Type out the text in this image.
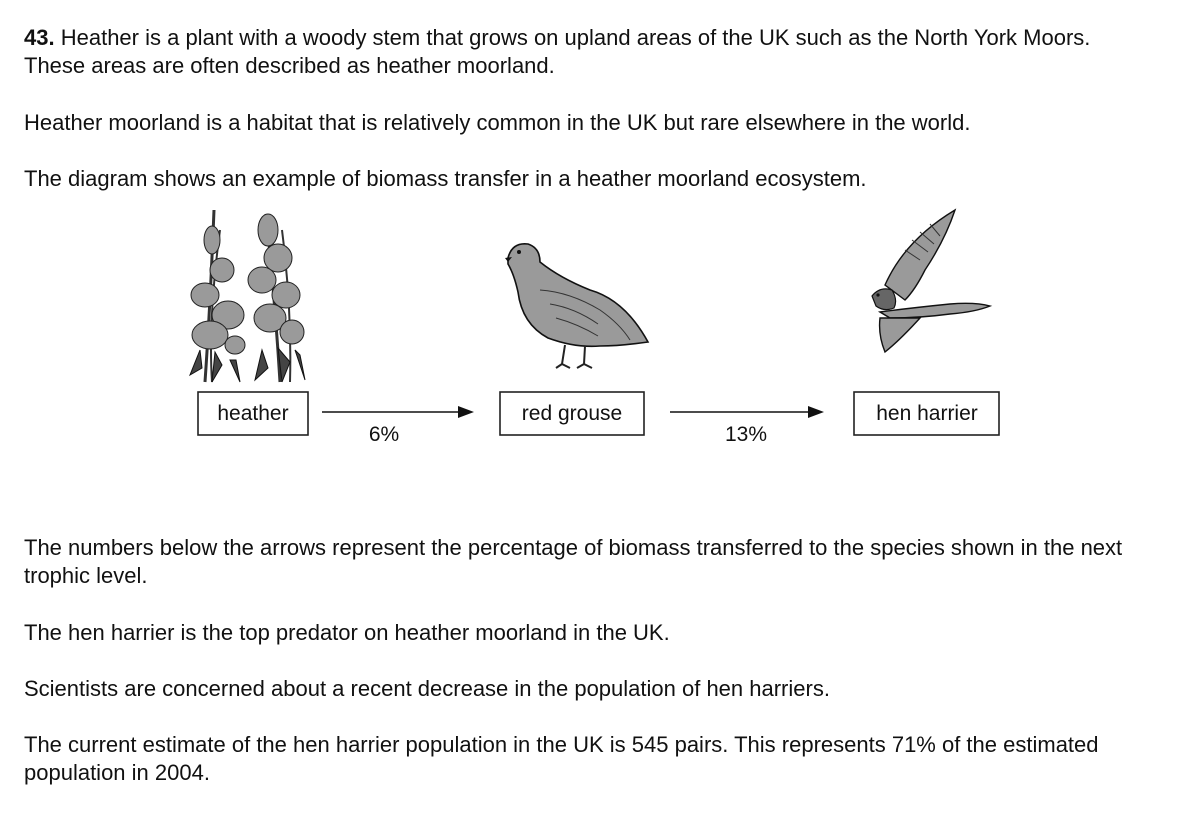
43. Heather is a plant with a woody stem that grows on upland areas of the UK such as the North York Moors. These areas are often described as heather moorland.

Heather moorland is a habitat that is relatively common in the UK but rare elsewhere in the world.

The diagram shows an example of biomass transfer in a heather moorland ecosystem.

heather	red grouse	hen harrier
6%	13%

The numbers below the arrows represent the percentage of biomass transferred to the species shown in the next trophic level.

The hen harrier is the top predator on heather moorland in the UK.

Scientists are concerned about a recent decrease in the population of hen harriers.

The current estimate of the hen harrier population in the UK is 545 pairs. This represents 71% of the estimated population in 2004.
